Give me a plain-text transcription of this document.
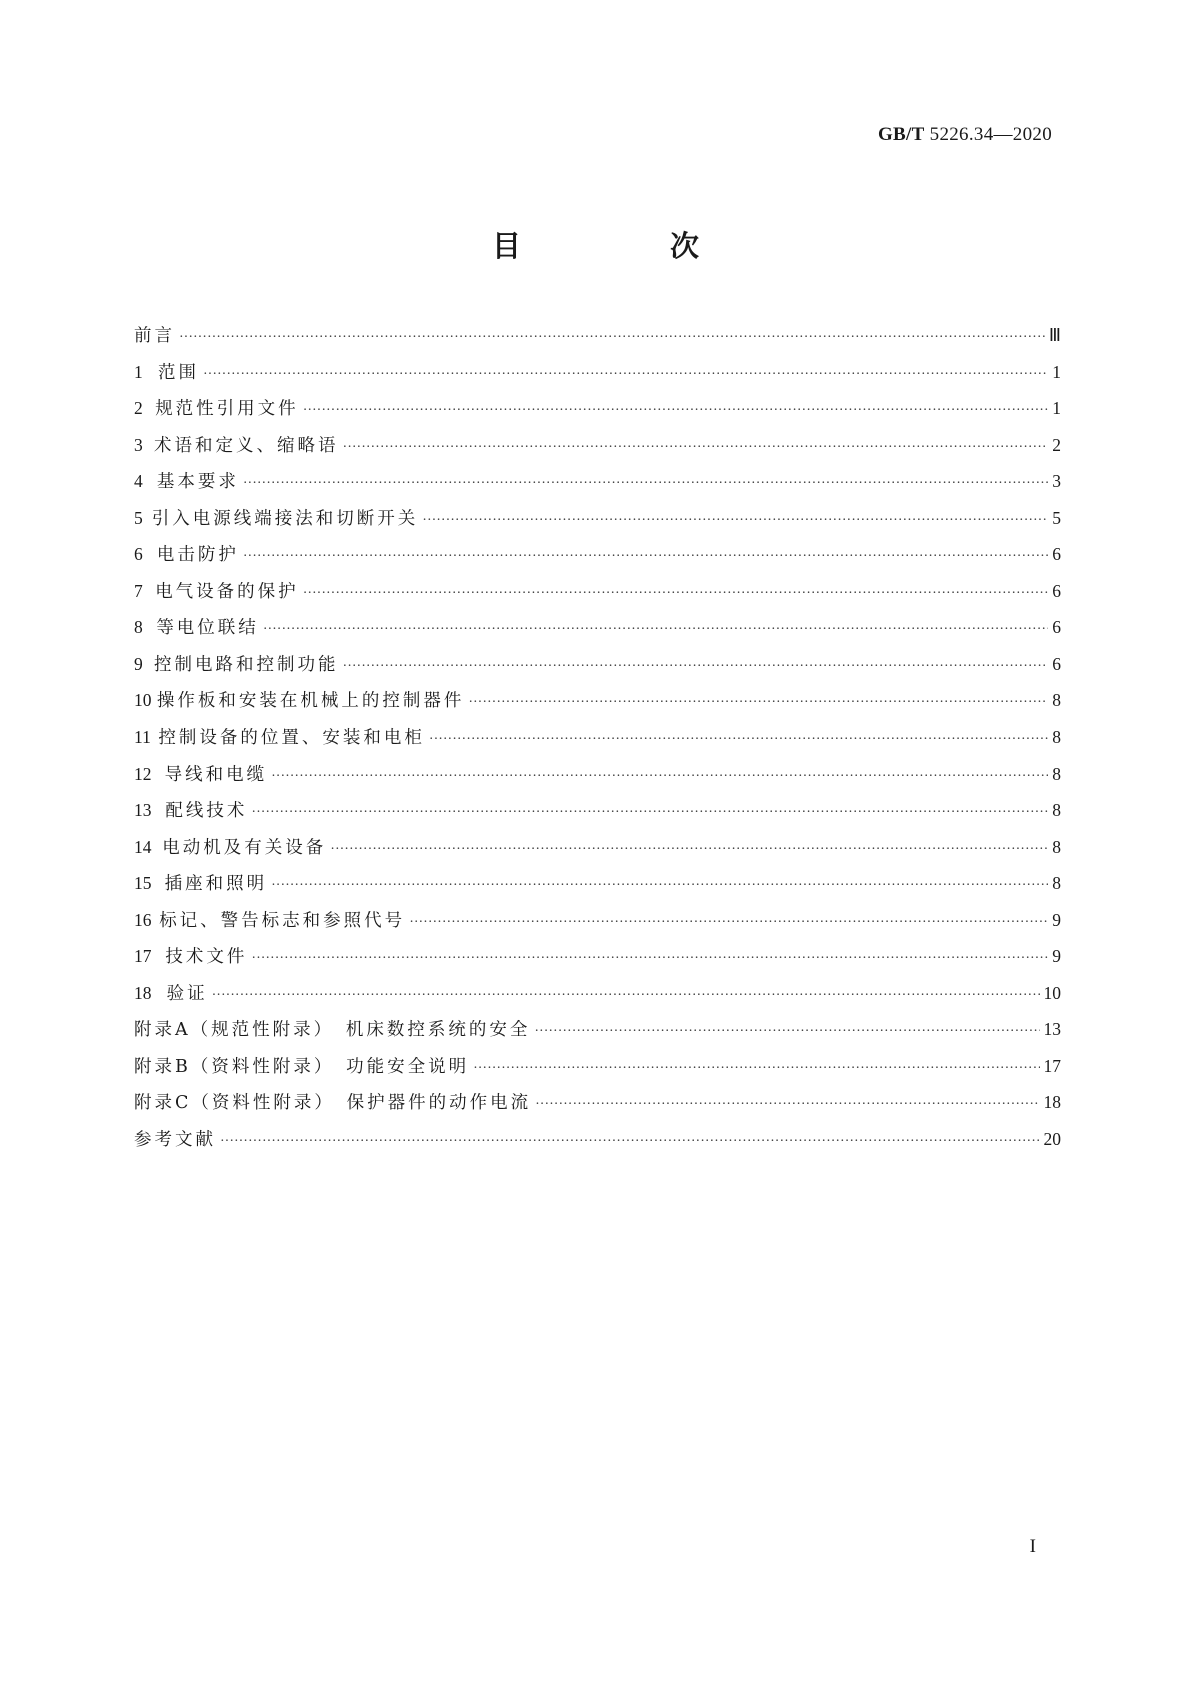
GB/T 5226.34—2020
目　次
前言 ·····	Ⅲ
1 范围 ·····	1
2 规范性引用文件 ·····	1
3 术语和定义、缩略语 ·····	2
4 基本要求 ·····	3
5 引入电源线端接法和切断开关 ·····	5
6 电击防护 ·····	6
7 电气设备的保护 ·····	6
8 等电位联结 ·····	6
9 控制电路和控制功能 ·····	6
10 操作板和安装在机械上的控制器件 ·····	8
11 控制设备的位置、安装和电柜 ·····	8
12 导线和电缆 ·····	8
13 配线技术 ·····	8
14 电动机及有关设备 ·····	8
15 插座和照明 ·····	8
16 标记、警告标志和参照代号 ·····	9
17 技术文件 ·····	9
18 验证 ·····	10
附录A（规范性附录）　机床数控系统的安全 ·····	13
附录B（资料性附录）　功能安全说明 ·····	17
附录C（资料性附录）　保护器件的动作电流 ·····	18
参考文献 ·····	20
I
